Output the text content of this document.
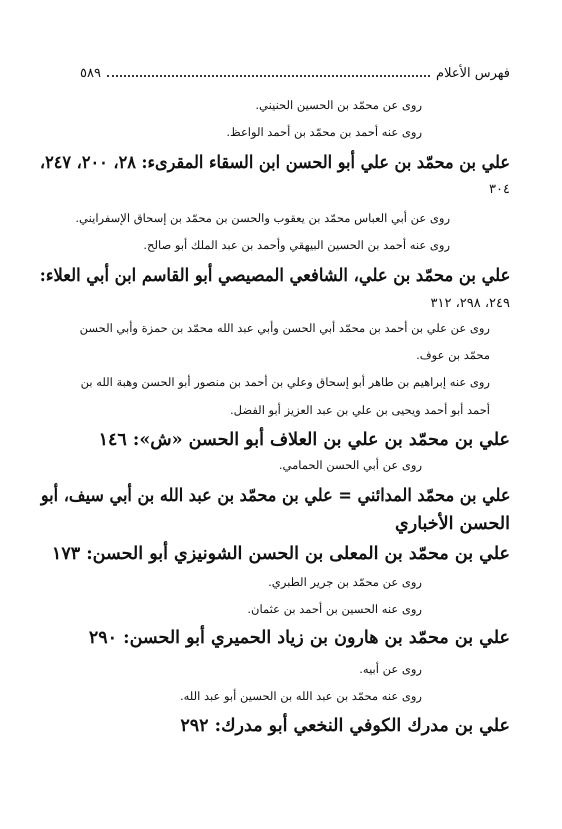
فهرس الأعلام
٥٨٩
روى عن محمّد بن الحسين الحنيني.
روى عنه أحمد بن محمّد بن أحمد الواعظ.
علي بن محمّد بن علي أبو الحسن ابن السقاء المقرىء: ٢٨، ٢٠٠، ٢٤٧،
٣٠٤
روى عن أبي العباس محمّد بن يعقوب والحسن بن محمّد بن إسحاق الإسفرايني.
روى عنه أحمد بن الحسين البيهقي وأحمد بن عبد الملك أبو صالح.
علي بن محمّد بن علي، الشافعي المصيصي أبو القاسم ابن أبي العلاء:
٢٤٩، ٢٩٨، ٣١٢
روى عن علي بن أحمد بن محمّد أبي الحسن وأبي عبد الله محمّد بن حمزة وأبي الحسن
محمّد بن عوف.
روى عنه إبراهيم بن طاهر أبو إسحاق وعلي بن أحمد بن منصور أبو الحسن وهبة الله بن
أحمد أبو أحمد ويحيى بن علي بن عبد العزيز أبو الفضل.
علي بن محمّد بن علي بن العلاف أبو الحسن «ش»: ١٤٦
روى عن أبي الحسن الحمامي.
علي بن محمّد المدائني = علي بن محمّد بن عبد الله بن أبي سيف، أبو
الحسن الأخباري
علي بن محمّد بن المعلى بن الحسن الشونيزي أبو الحسن: ١٧٣
روى عن محمّد بن جرير الطبري.
روى عنه الحسين بن أحمد بن عثمان.
علي بن محمّد بن هارون بن زياد الحميري أبو الحسن: ٢٩٠
روى عن أبيه.
روى عنه محمّد بن عبد الله بن الحسين أبو عبد الله.
علي بن مدرك الكوفي النخعي أبو مدرك: ٢٩٢
